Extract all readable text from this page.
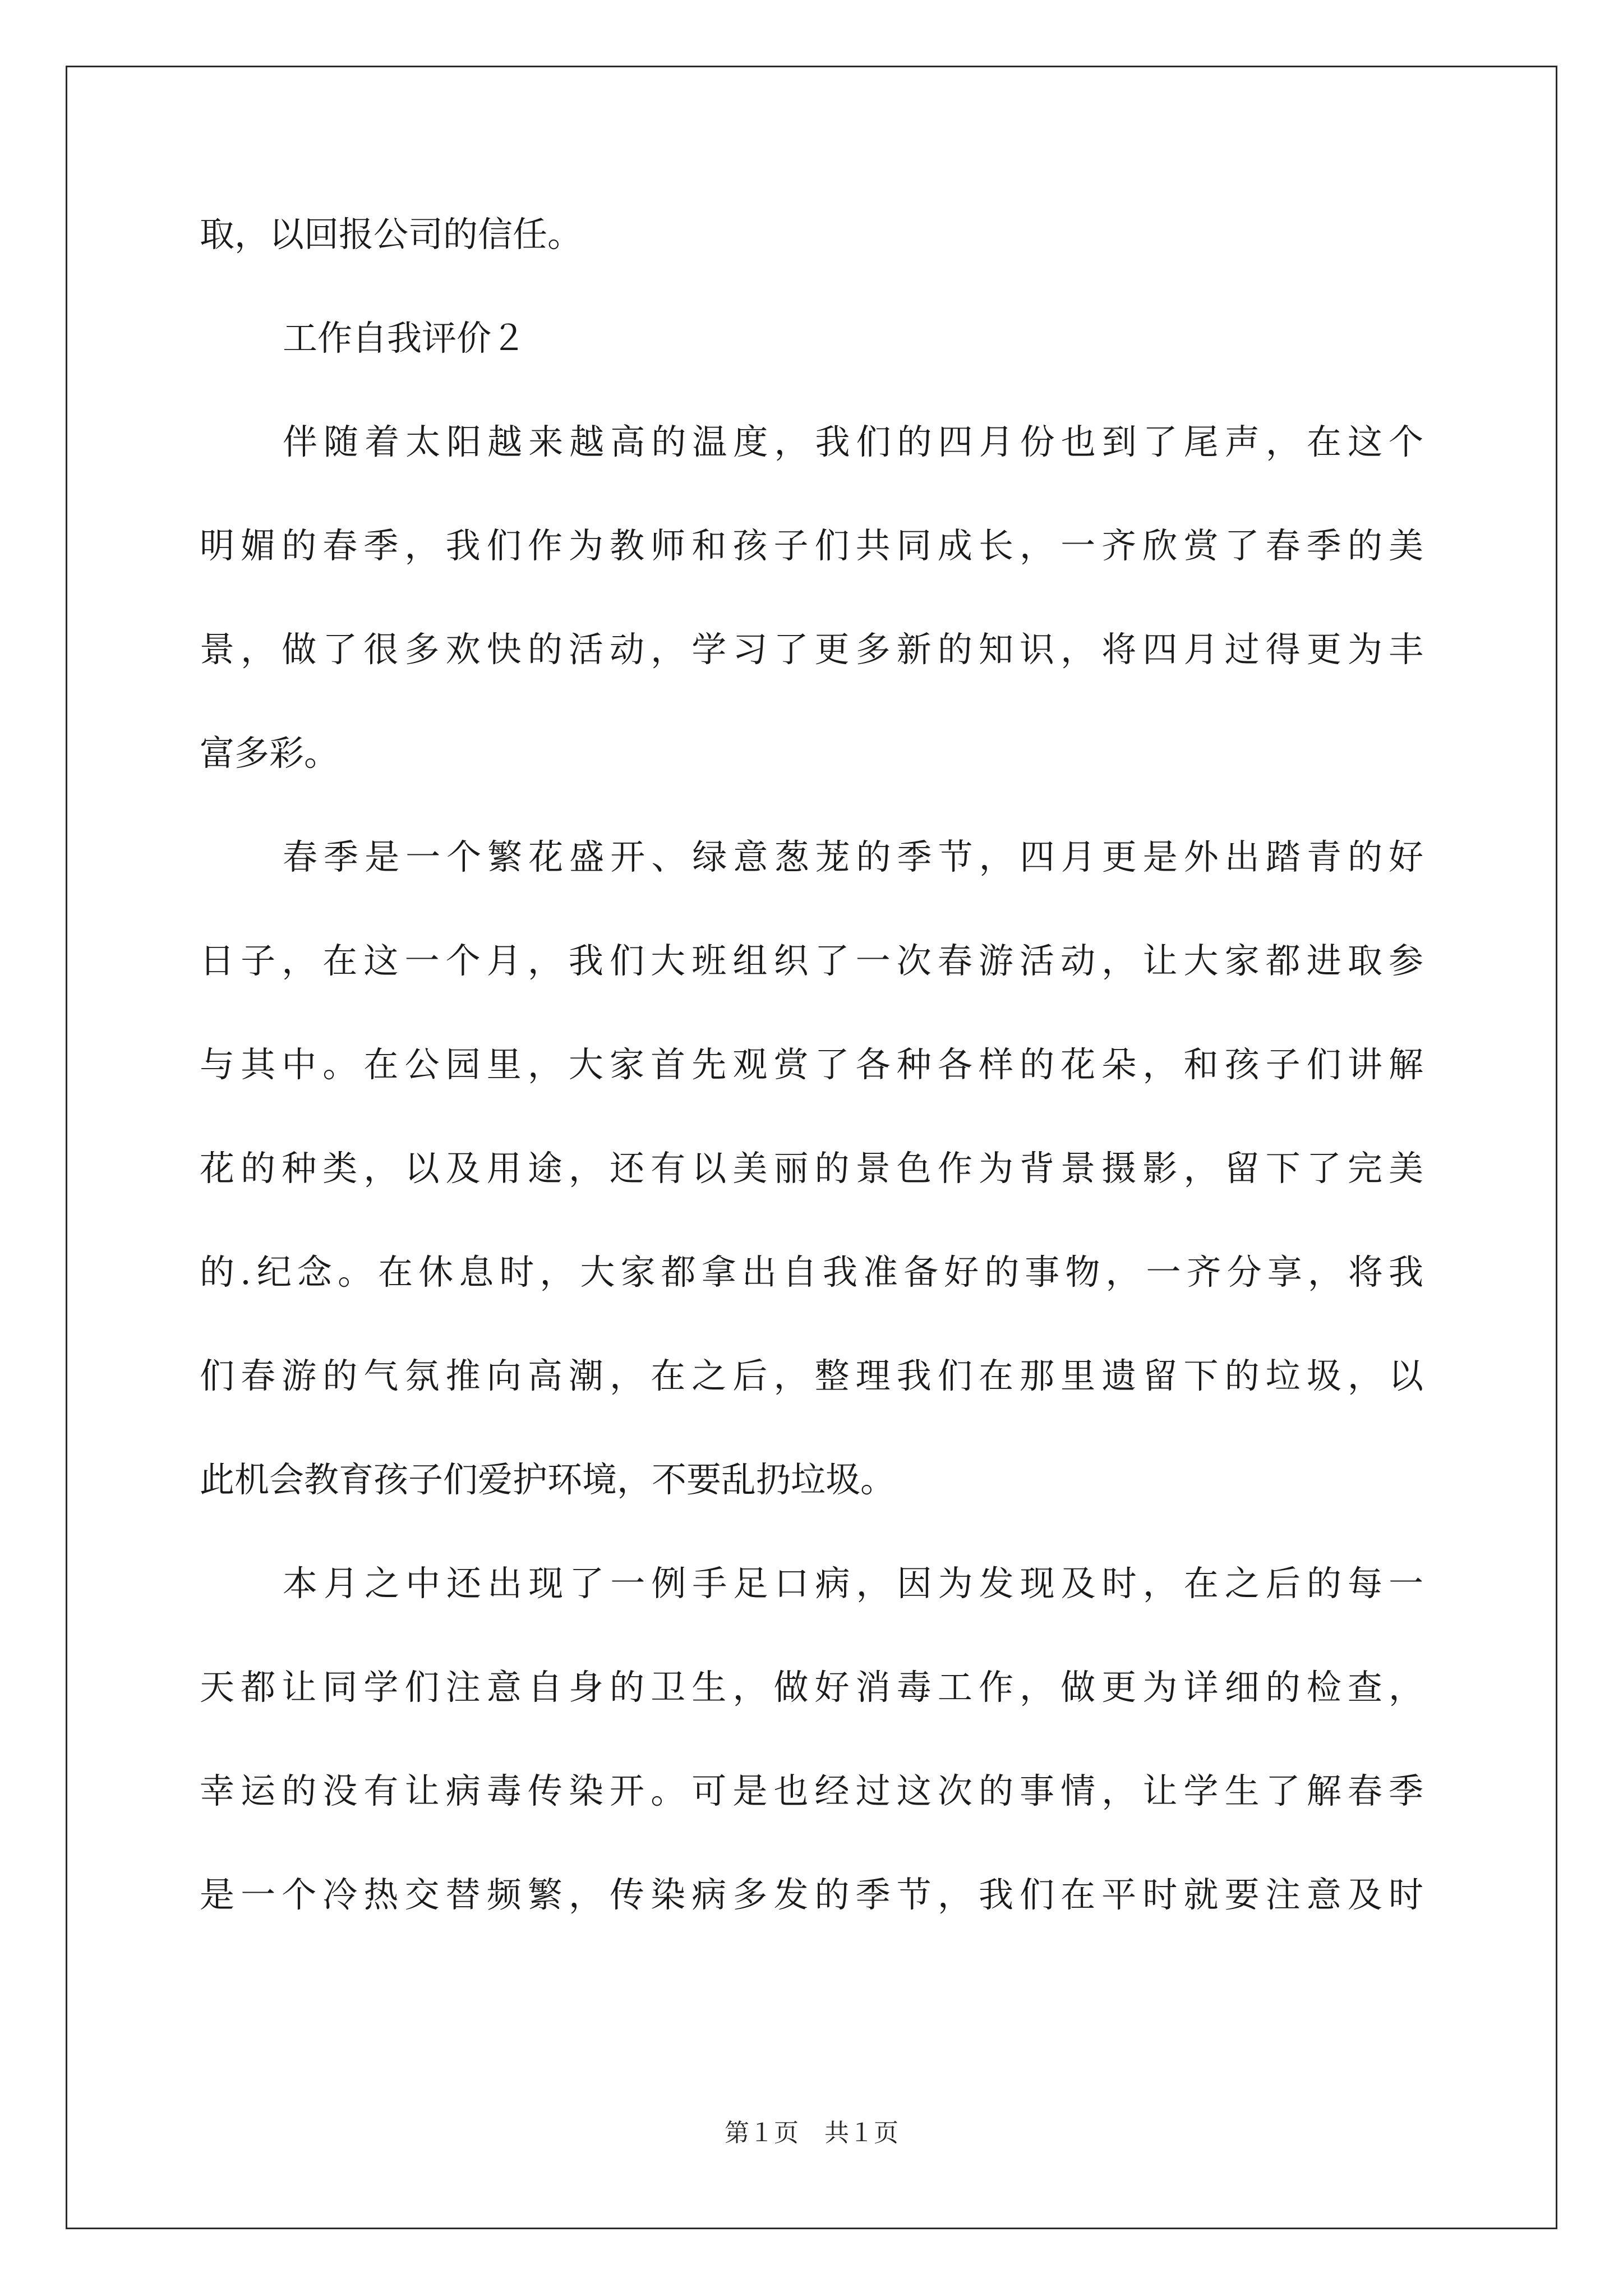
取，以回报公司的信任。
工作自我评价２
伴随着太阳越来越高的温度，我们的四月份也到了尾声，在这个
明媚的春季，我们作为教师和孩子们共同成长，一齐欣赏了春季的美
景，做了很多欢快的活动，学习了更多新的知识，将四月过得更为丰
富多彩。
春季是一个繁花盛开、绿意葱茏的季节，四月更是外出踏青的好
日子，在这一个月，我们大班组织了一次春游活动，让大家都进取参
与其中。在公园里，大家首先观赏了各种各样的花朵，和孩子们讲解
花的种类，以及用途，还有以美丽的景色作为背景摄影，留下了完美
的.纪念。在休息时，大家都拿出自我准备好的事物，一齐分享，将我
们春游的气氛推向高潮，在之后，整理我们在那里遗留下的垃圾，以
此机会教育孩子们爱护环境，不要乱扔垃圾。
本月之中还出现了一例手足口病，因为发现及时，在之后的每一
天都让同学们注意自身的卫生，做好消毒工作，做更为详细的检查，
幸运的没有让病毒传染开。可是也经过这次的事情，让学生了解春季
是一个冷热交替频繁，传染病多发的季节，我们在平时就要注意及时
第１页 共１页
